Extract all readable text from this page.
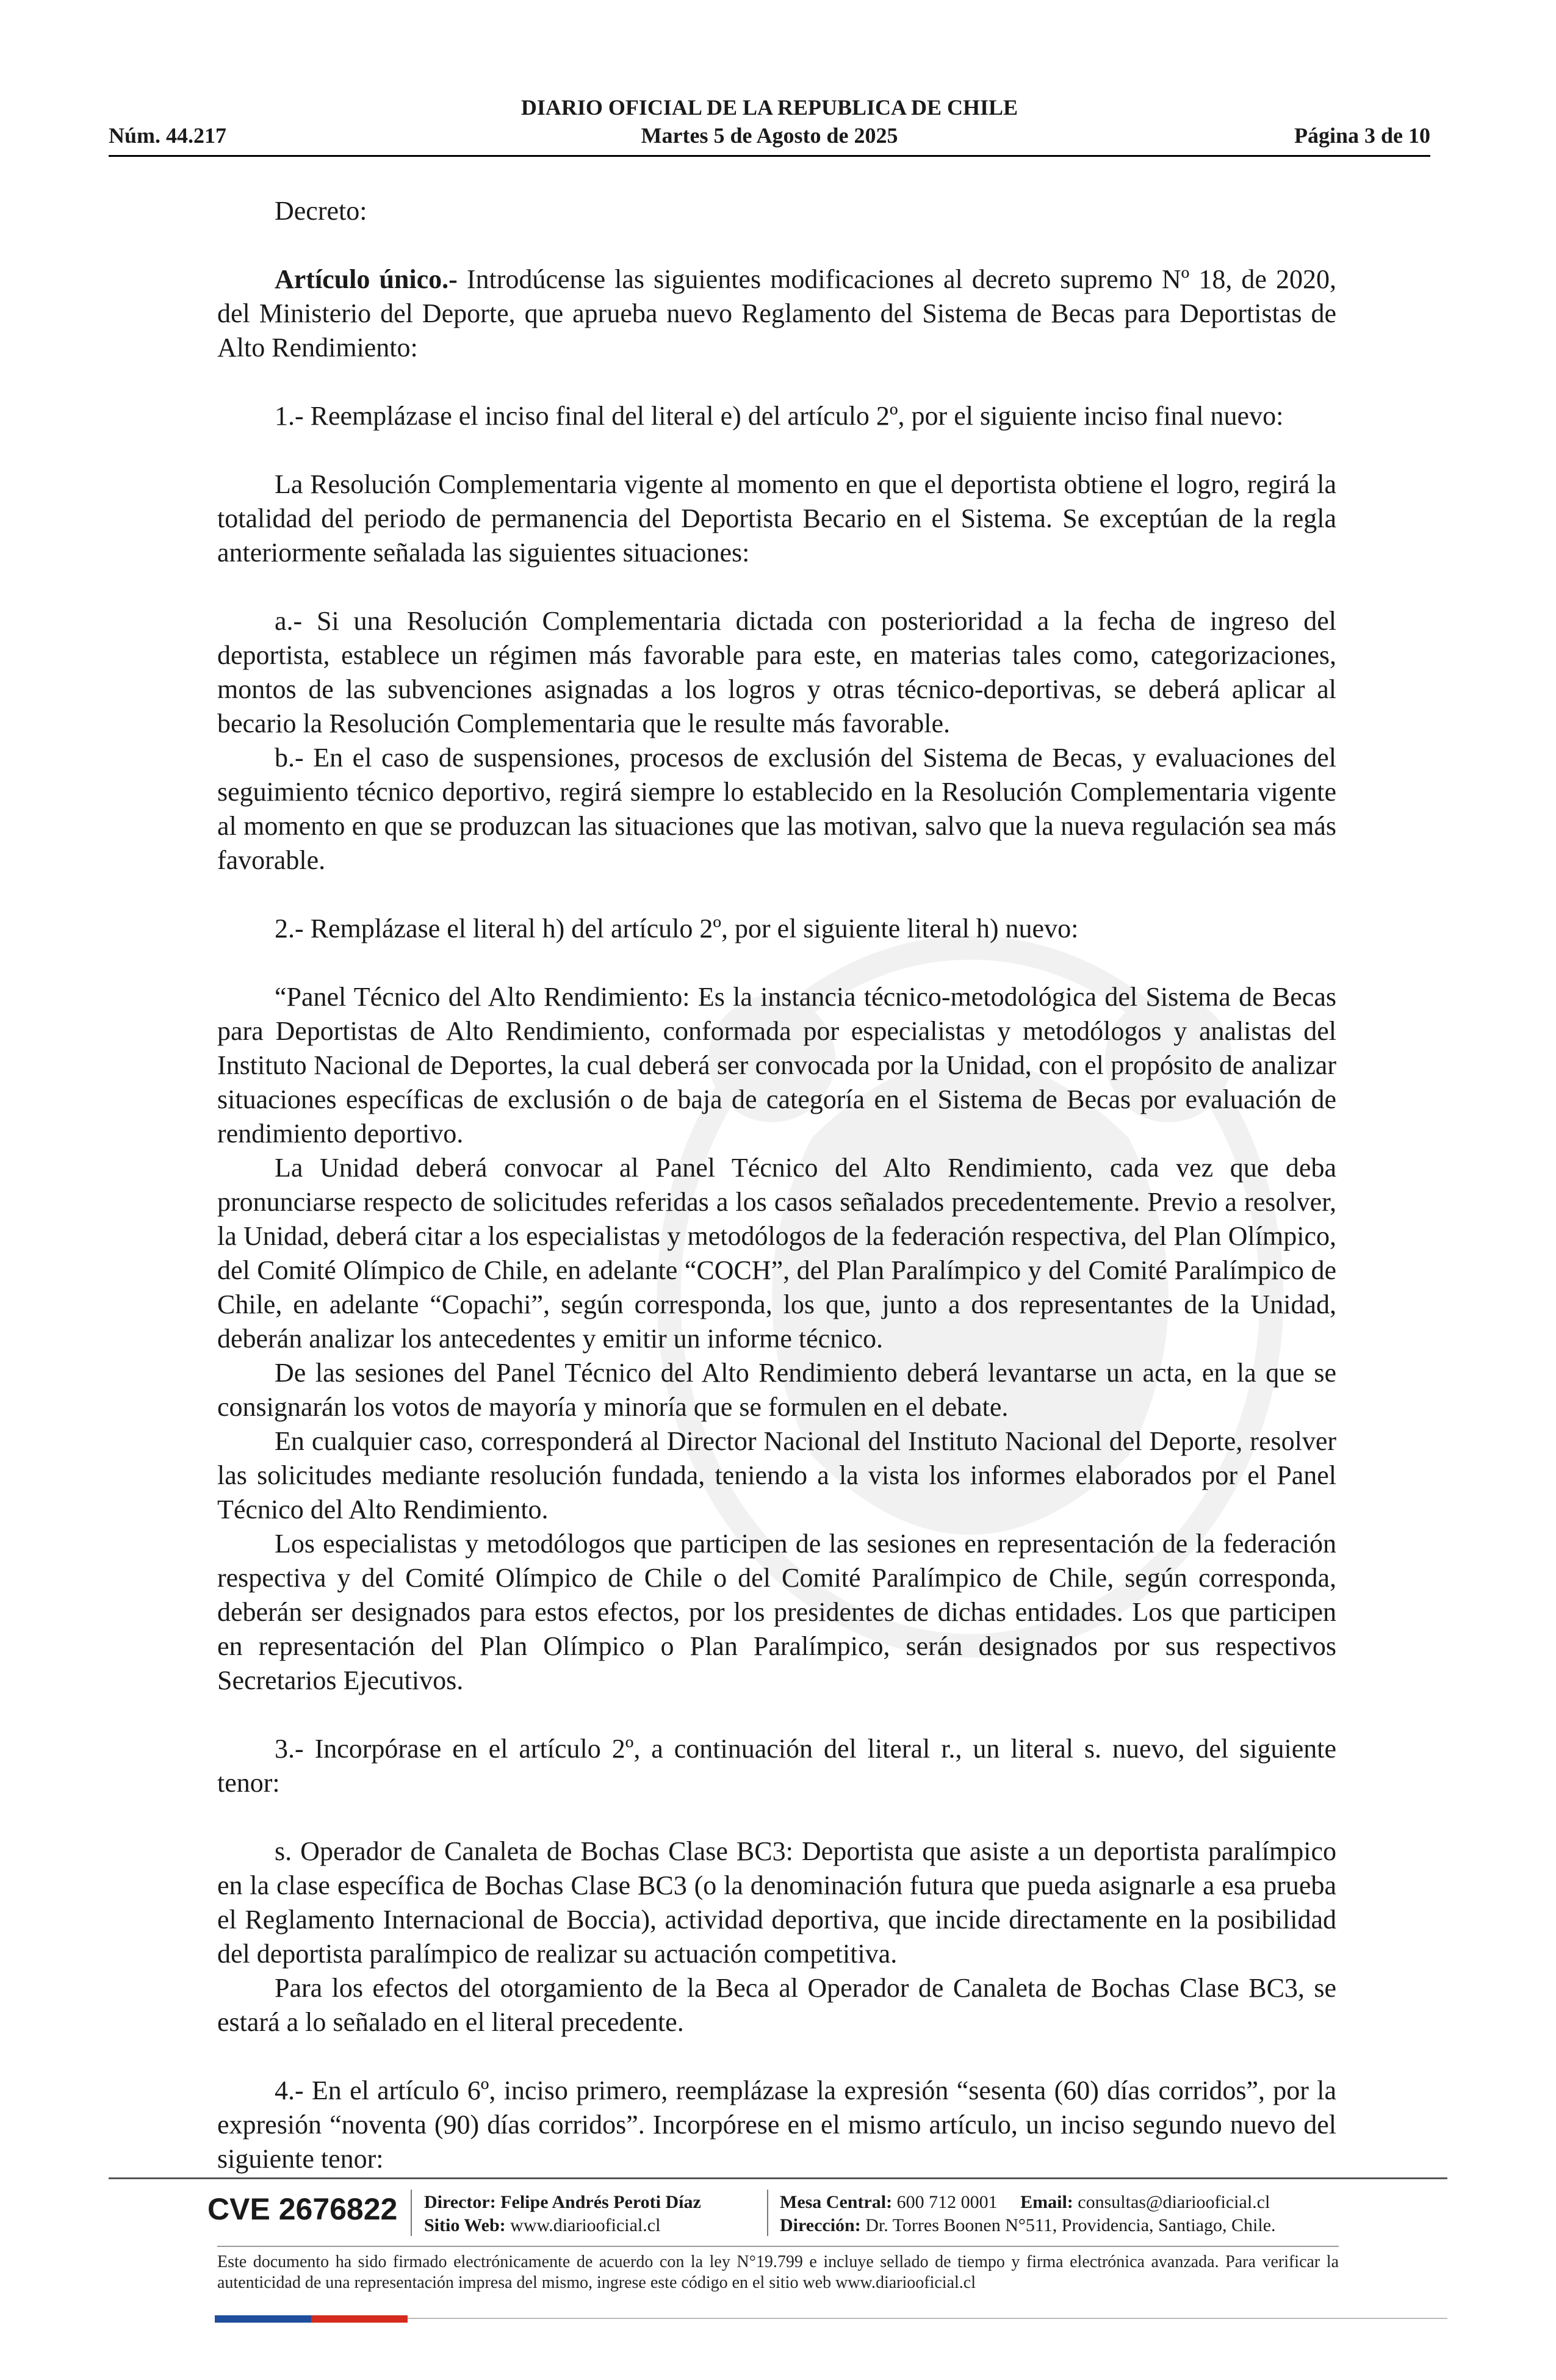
DIARIO OFICIAL DE LA REPUBLICA DE CHILE
Núm. 44.217	Martes 5 de Agosto de 2025	Página 3 de 10

Decreto:

Artículo único.- Introdúcense las siguientes modificaciones al decreto supremo Nº 18, de 2020, del Ministerio del Deporte, que aprueba nuevo Reglamento del Sistema de Becas para Deportistas de Alto Rendimiento:

1.- Reemplázase el inciso final del literal e) del artículo 2º, por el siguiente inciso final nuevo:

La Resolución Complementaria vigente al momento en que el deportista obtiene el logro, regirá la totalidad del periodo de permanencia del Deportista Becario en el Sistema. Se exceptúan de la regla anteriormente señalada las siguientes situaciones:

a.- Si una Resolución Complementaria dictada con posterioridad a la fecha de ingreso del deportista, establece un régimen más favorable para este, en materias tales como, categorizaciones, montos de las subvenciones asignadas a los logros y otras técnico-deportivas, se deberá aplicar al becario la Resolución Complementaria que le resulte más favorable.

b.- En el caso de suspensiones, procesos de exclusión del Sistema de Becas, y evaluaciones del seguimiento técnico deportivo, regirá siempre lo establecido en la Resolución Complementaria vigente al momento en que se produzcan las situaciones que las motivan, salvo que la nueva regulación sea más favorable.

2.- Remplázase el literal h) del artículo 2º, por el siguiente literal h) nuevo:

“Panel Técnico del Alto Rendimiento: Es la instancia técnico-metodológica del Sistema de Becas para Deportistas de Alto Rendimiento, conformada por especialistas y metodólogos y analistas del Instituto Nacional de Deportes, la cual deberá ser convocada por la Unidad, con el propósito de analizar situaciones específicas de exclusión o de baja de categoría en el Sistema de Becas por evaluación de rendimiento deportivo.

La Unidad deberá convocar al Panel Técnico del Alto Rendimiento, cada vez que deba pronunciarse respecto de solicitudes referidas a los casos señalados precedentemente. Previo a resolver, la Unidad, deberá citar a los especialistas y metodólogos de la federación respectiva, del Plan Olímpico, del Comité Olímpico de Chile, en adelante “COCH”, del Plan Paralímpico y del Comité Paralímpico de Chile, en adelante “Copachi”, según corresponda, los que, junto a dos representantes de la Unidad, deberán analizar los antecedentes y emitir un informe técnico.

De las sesiones del Panel Técnico del Alto Rendimiento deberá levantarse un acta, en la que se consignarán los votos de mayoría y minoría que se formulen en el debate.

En cualquier caso, corresponderá al Director Nacional del Instituto Nacional del Deporte, resolver las solicitudes mediante resolución fundada, teniendo a la vista los informes elaborados por el Panel Técnico del Alto Rendimiento.

Los especialistas y metodólogos que participen de las sesiones en representación de la federación respectiva y del Comité Olímpico de Chile o del Comité Paralímpico de Chile, según corresponda, deberán ser designados para estos efectos, por los presidentes de dichas entidades. Los que participen en representación del Plan Olímpico o Plan Paralímpico, serán designados por sus respectivos Secretarios Ejecutivos.

3.- Incorpórase en el artículo 2º, a continuación del literal r., un literal s. nuevo, del siguiente tenor:

s. Operador de Canaleta de Bochas Clase BC3: Deportista que asiste a un deportista paralímpico en la clase específica de Bochas Clase BC3 (o la denominación futura que pueda asignarle a esa prueba el Reglamento Internacional de Boccia), actividad deportiva, que incide directamente en la posibilidad del deportista paralímpico de realizar su actuación competitiva.

Para los efectos del otorgamiento de la Beca al Operador de Canaleta de Bochas Clase BC3, se estará a lo señalado en el literal precedente.

4.- En el artículo 6º, inciso primero, reemplázase la expresión “sesenta (60) días corridos”, por la expresión “noventa (90) días corridos”. Incorpórese en el mismo artículo, un inciso segundo nuevo del siguiente tenor:

CVE 2676822 Director: Felipe Andrés Peroti Díaz
Sitio Web: www.diariooficial.cl
Mesa Central: 600 712 0001 Email: consultas@diariooficial.cl
Dirección: Dr. Torres Boonen N°511, Providencia, Santiago, Chile.
Este documento ha sido firmado electrónicamente de acuerdo con la ley N°19.799 e incluye sellado de tiempo y firma electrónica avanzada. Para verificar la autenticidad de una representación impresa del mismo, ingrese este código en el sitio web www.diariooficial.cl
